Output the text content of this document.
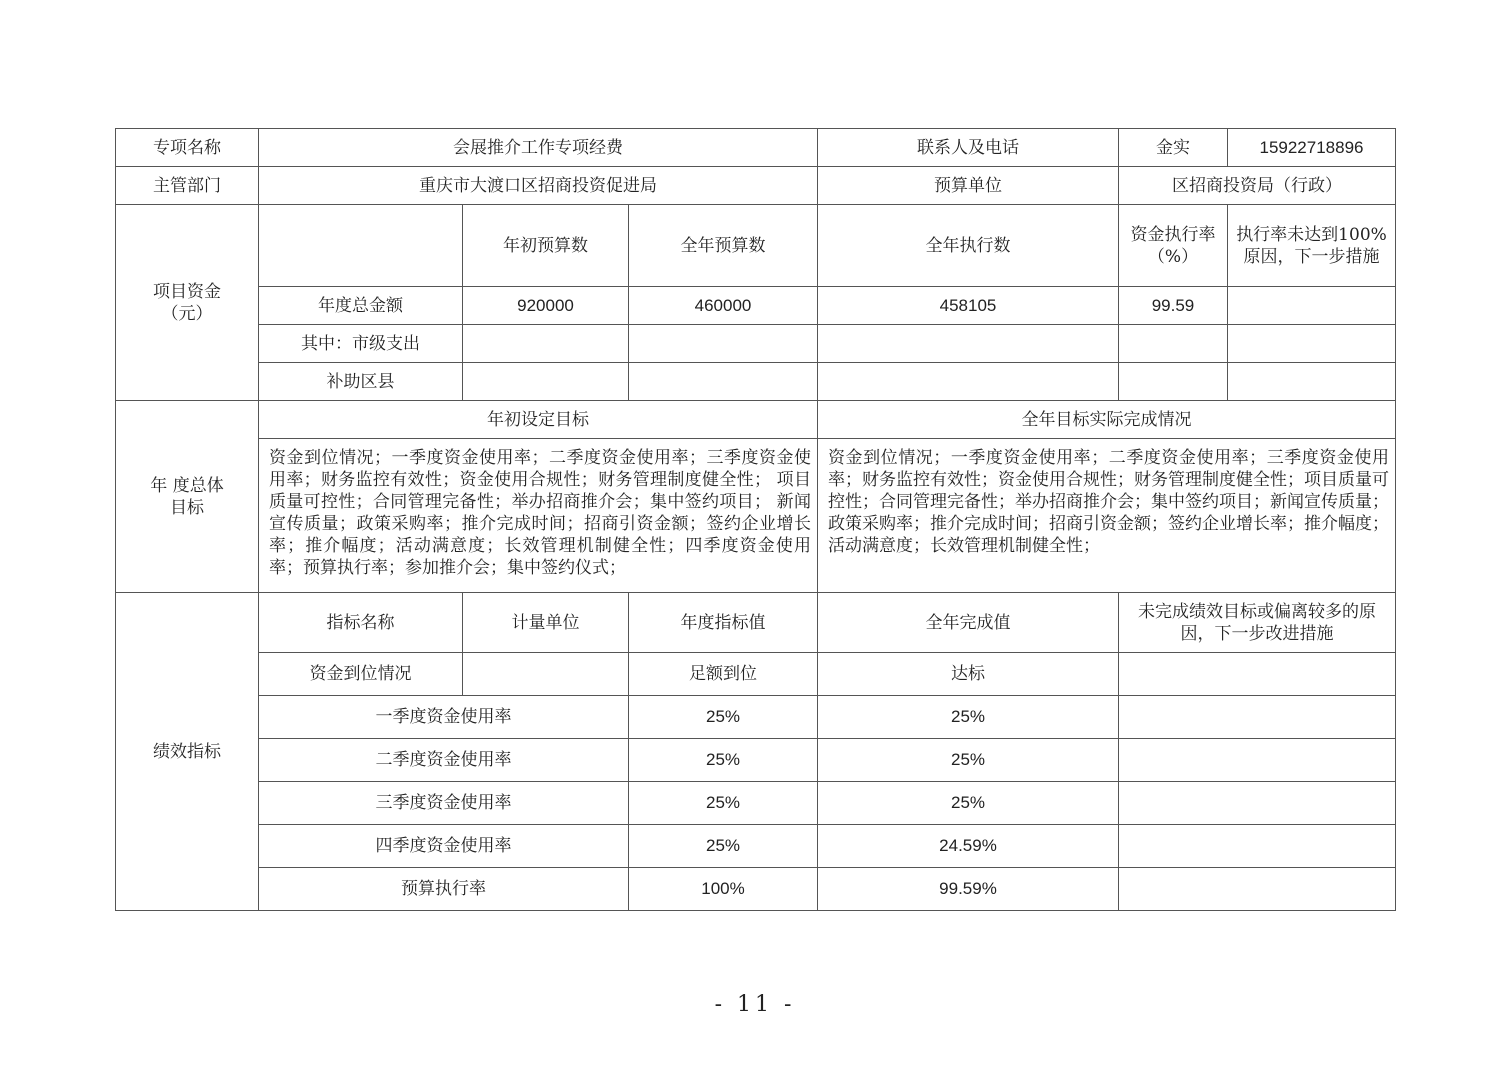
专项名称	会展推介工作专项经费			联系人及电话	金实	15922718896
主管部门	重庆市大渡口区招商投资促进局			预算单位	区招商投资局（行政）	
项目资金（元）		年初预算数	全年预算数	全年执行数	资金执行率（%）	执行率未达到100% 原因，下一步措施
	年度总金额	920000	460000	458105	99.59	
	其中：市级支出					
	补助区县					
年 度总体目标	年初设定目标			全年目标实际完成情况		
	资金到位情况；一季度资金使用率；二季度资金使用率；三季度资金使用率；财务监控有效性；资金使用合规性；财务管理制度健全性； 项目质量可控性；合同管理完备性；举办招商推介会；集中签约项目； 新闻宣传质量；政策采购率；推介完成时间；招商引资金额；签约企业增长率；推介幅度；活动满意度；长效管理机制健全性；四季度资金使用率；预算执行率；参加推介会；集中签约仪式；			资金到位情况；一季度资金使用率；二季度资金使用率；三季度资金使用率；财务监控有效性；资金使用合规性；财务管理制度健全性；项目质量可控性；合同管理完备性；举办招商推介会；集中签约项目；新闻宣传质量；政策采购率；推介完成时间；招商引资金额；签约企业增长率；推介幅度；活动满意度；长效管理机制健全性；		
绩效指标	指标名称	计量单位	年度指标值	全年完成值	未完成绩效目标或偏离较多的原因，下一步改进措施	
	资金到位情况		足额到位	达标		
	一季度资金使用率		25%	25%		
	二季度资金使用率		25%	25%		
	三季度资金使用率		25%	25%		
	四季度资金使用率		25%	24.59%		
	预算执行率		100%	99.59%		
- 11 -
